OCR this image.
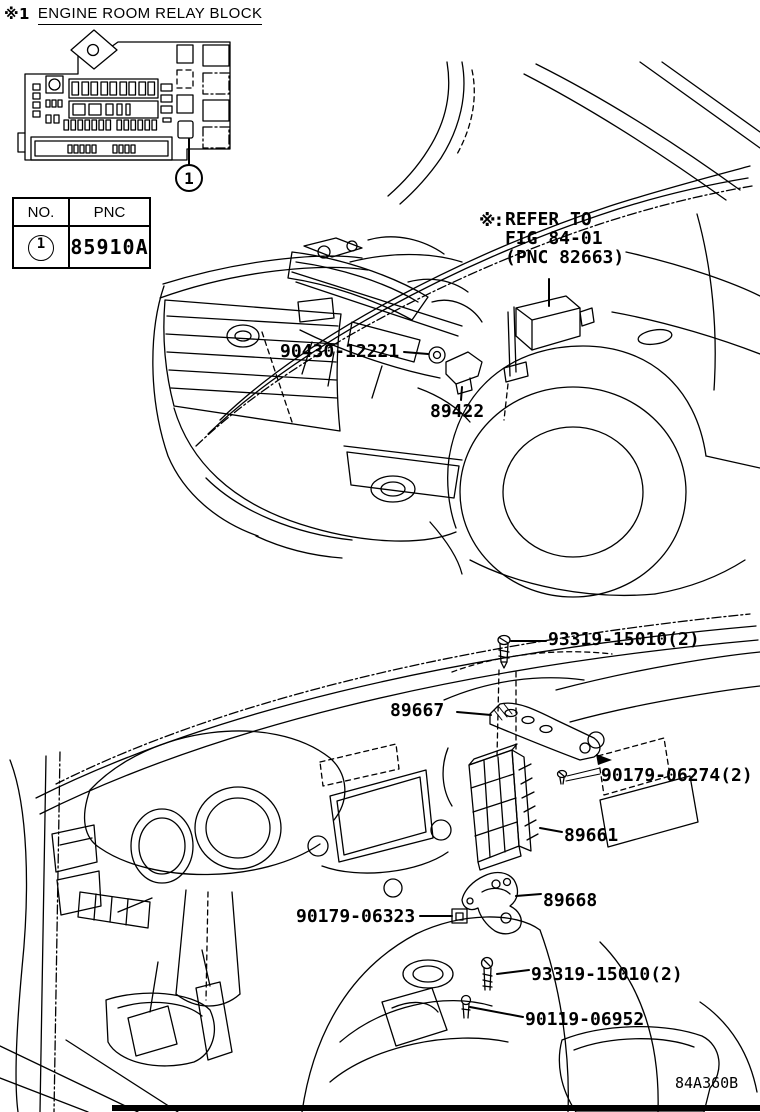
1
※1 ENGINE ROOM RELAY BLOCK
NO.	PNC
1	85910A
※: REFER TO
FIG 84-01
(PNC 82663)
90430-12221
89422
93319-15010(2)
89667
90179-06274(2)
89661
89668
90179-06323
93319-15010(2)
90119-06952
84A360B
